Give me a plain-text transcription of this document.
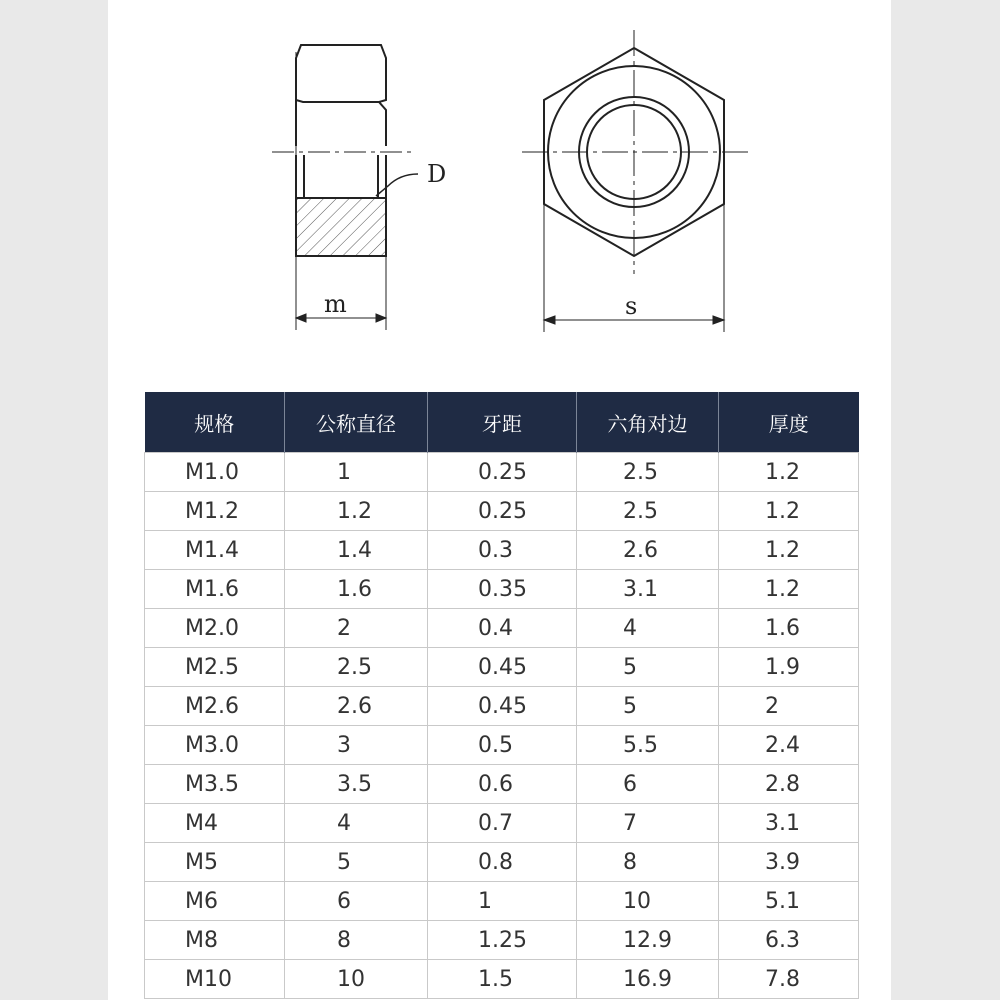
D
m	s
规格	公称直径	牙距	六角对边	厚度
M1.0	1	0.25	2.5	1.2
M1.2	1.2	0.25	2.5	1.2
M1.4	1.4	0.3	2.6	1.2
M1.6	1.6	0.35	3.1	1.2
M2.0	2	0.4	4	1.6
M2.5	2.5	0.45	5	1.9
M2.6	2.6	0.45	5	2
M3.0	3	0.5	5.5	2.4
M3.5	3.5	0.6	6	2.8
M4	4	0.7	7	3.1
M5	5	0.8	8	3.9
M6	6	1	10	5.1
M8	8	1.25	12.9	6.3
M10	10	1.5	16.9	7.8
